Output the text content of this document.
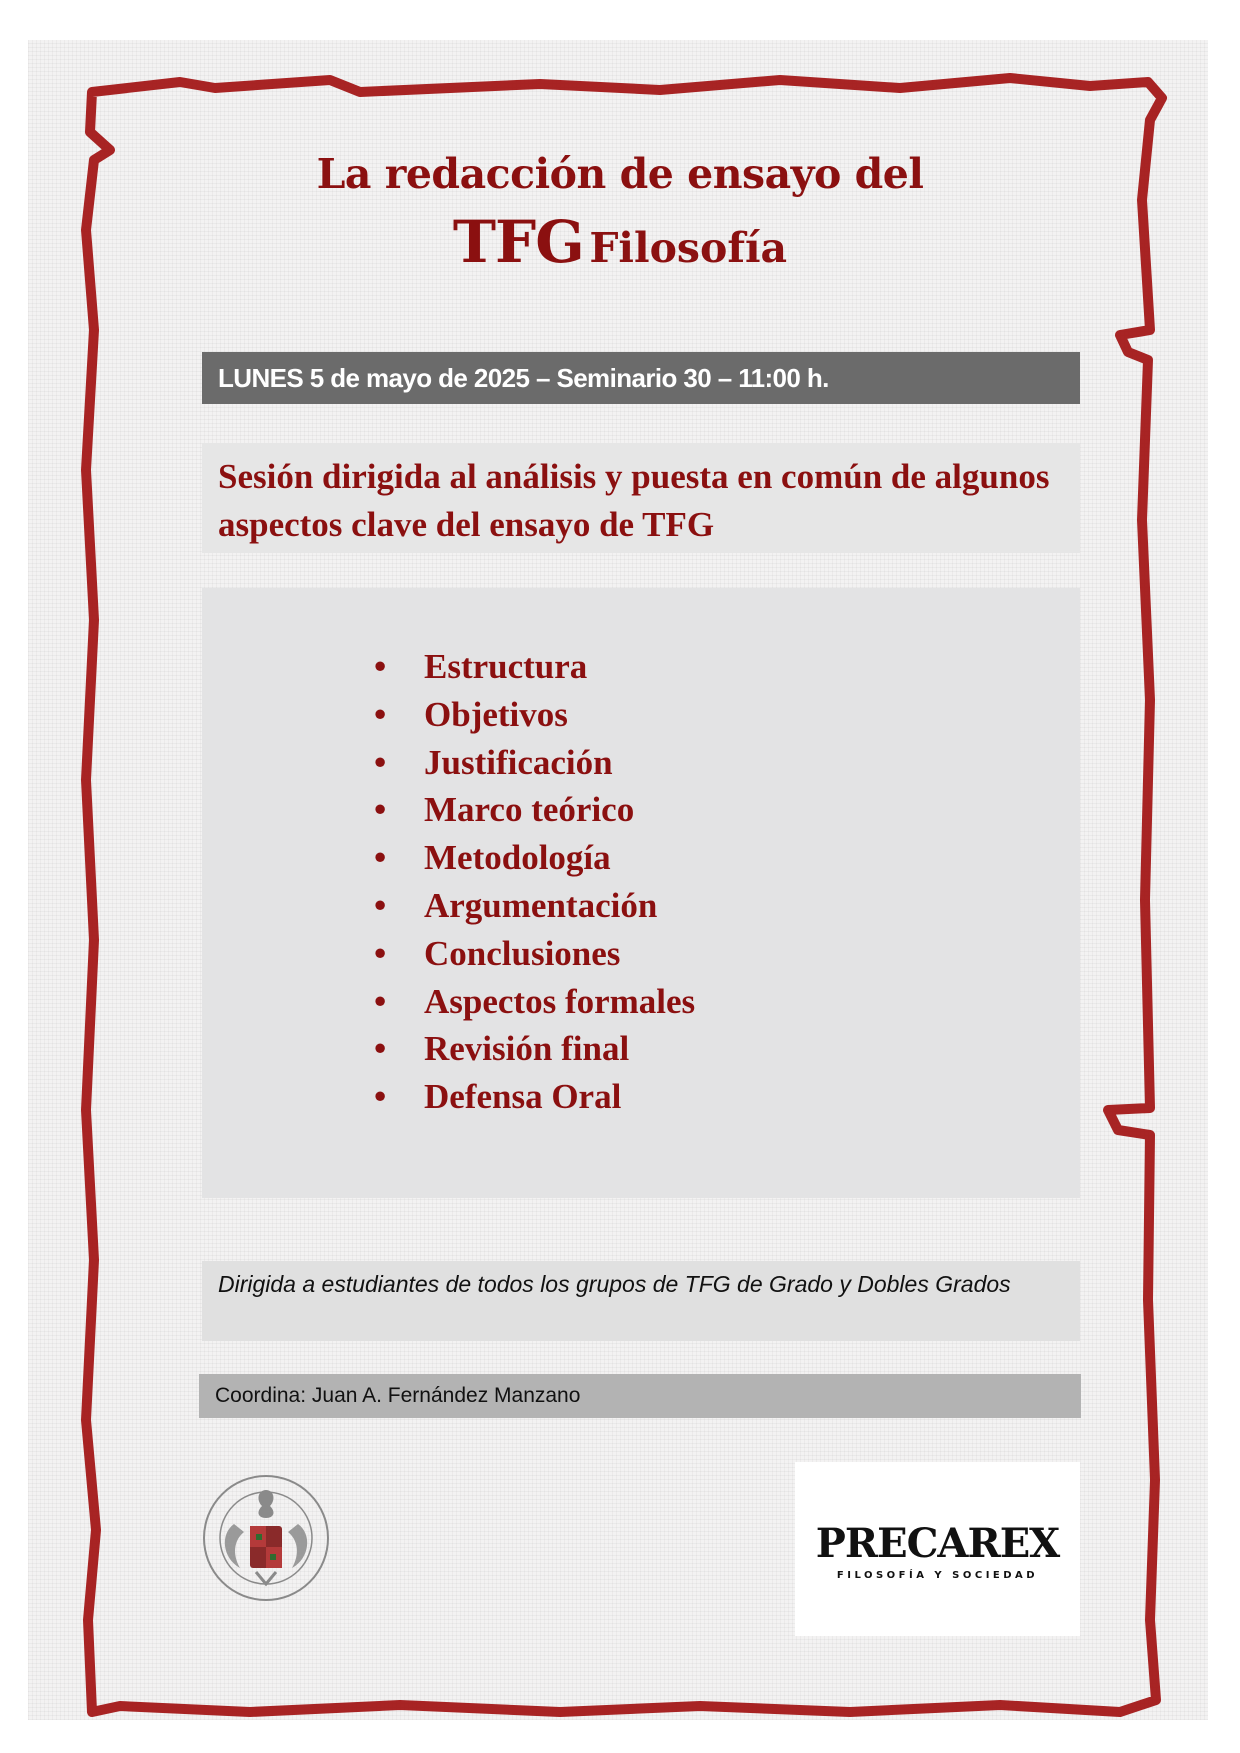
La redacción de ensayo del
TFG Filosofía
LUNES 5 de mayo de 2025 – Seminario 30 – 11:00 h.
Sesión dirigida al análisis y puesta en común de algunos aspectos clave del ensayo de TFG
• Estructura
• Objetivos
• Justificación
• Marco teórico
• Metodología
• Argumentación
• Conclusiones
• Aspectos formales
• Revisión final
• Defensa Oral
Dirigida a estudiantes de todos los grupos de TFG de Grado y Dobles Grados
Coordina: Juan A. Fernández Manzano
PRECAREX
FILOSOFÍA Y SOCIEDAD
